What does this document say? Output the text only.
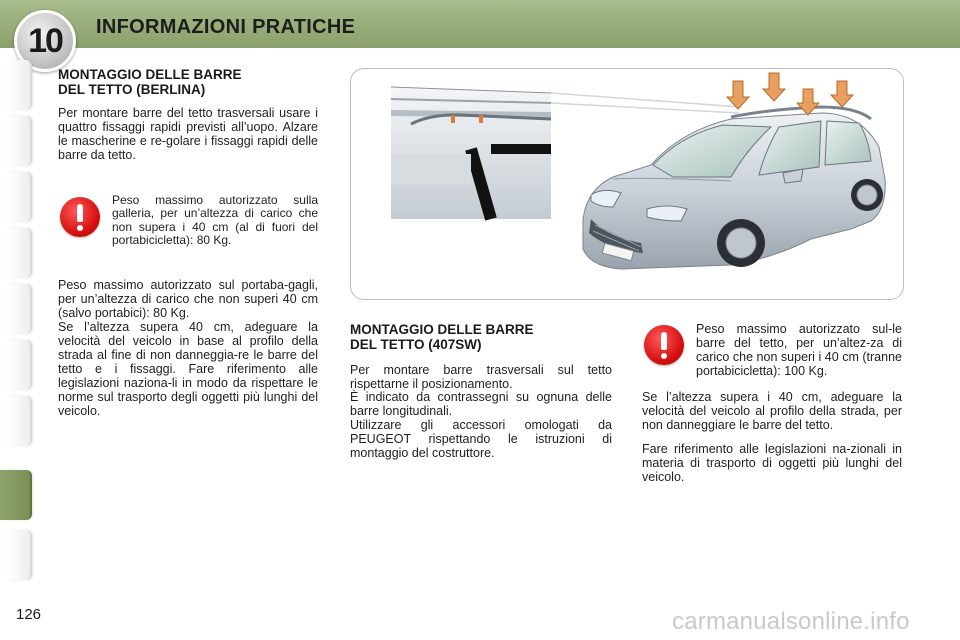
10 INFORMAZIONI PRATICHE
MONTAGGIO DELLE BARRE
DEL TETTO (BERLINA)
Per montare barre del tetto trasversali usare i quattro fissaggi rapidi previsti all’uopo. Alzare le mascherine e re-golare i fissaggi rapidi delle barre da tetto.
Peso massimo autorizzato sulla galleria, per un’altezza di carico che non supera i 40 cm (al di fuori del portabicicletta): 80 Kg.
Peso massimo autorizzato sul portaba-gagli, per un’altezza di carico che non superi 40 cm (salvo portabici): 80 Kg.
Se l’altezza supera 40 cm, adeguare la velocità del veicolo in base al profilo della strada al fine di non danneggia-re le barre del tetto e i fissaggi. Fare riferimento alle legislazioni naziona-li in modo da rispettare le norme sul trasporto degli oggetti più lunghi del veicolo.
MONTAGGIO DELLE BARRE
DEL TETTO (407SW)
Per montare barre trasversali sul tetto rispettarne il posizionamento.
È indicato da contrassegni su ognuna delle barre longitudinali.
Utilizzare gli accessori omologati da PEUGEOT rispettando le istruzioni di montaggio del costruttore.
Peso massimo autorizzato sul-le barre del tetto, per un’altez-za di carico che non superi i 40 cm (tranne portabicicletta): 100 Kg.
Se l’altezza supera i 40 cm, adeguare la velocità del veicolo al profilo della strada, per non danneggiare le barre del tetto.
Fare riferimento alle legislazioni na-zionali in materia di trasporto di oggetti più lunghi del veicolo.
126	carmanualsonline.info
